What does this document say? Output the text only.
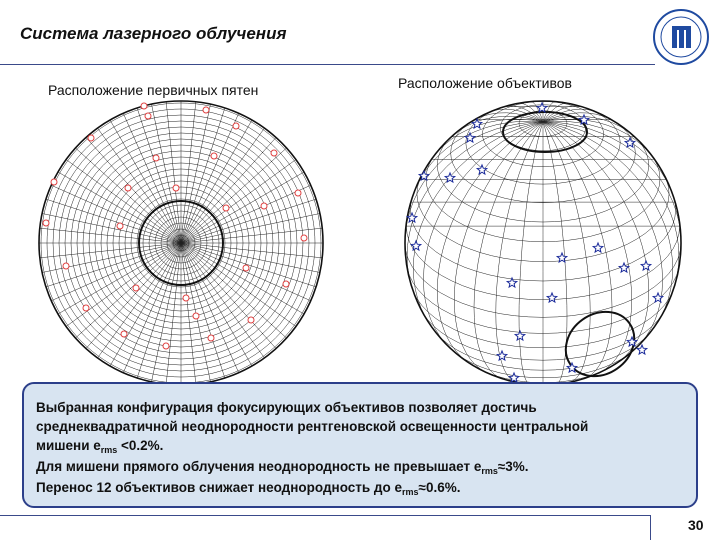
Система лазерного облучения
Расположение первичных пятен	Расположение объективов
Выбранная конфигурация фокусирующих объективов позволяет достичь
среднеквадратичной неоднородности рентгеновской освещенности центральной
мишени $e_{rms} <0.2\%$.
Для мишени прямого облучения неоднородность не превышает $e_{rms}\approx 3\%$.
Перенос 12 объективов снижает неоднородность до $e_{rms}\approx 0.6\%$.
30
